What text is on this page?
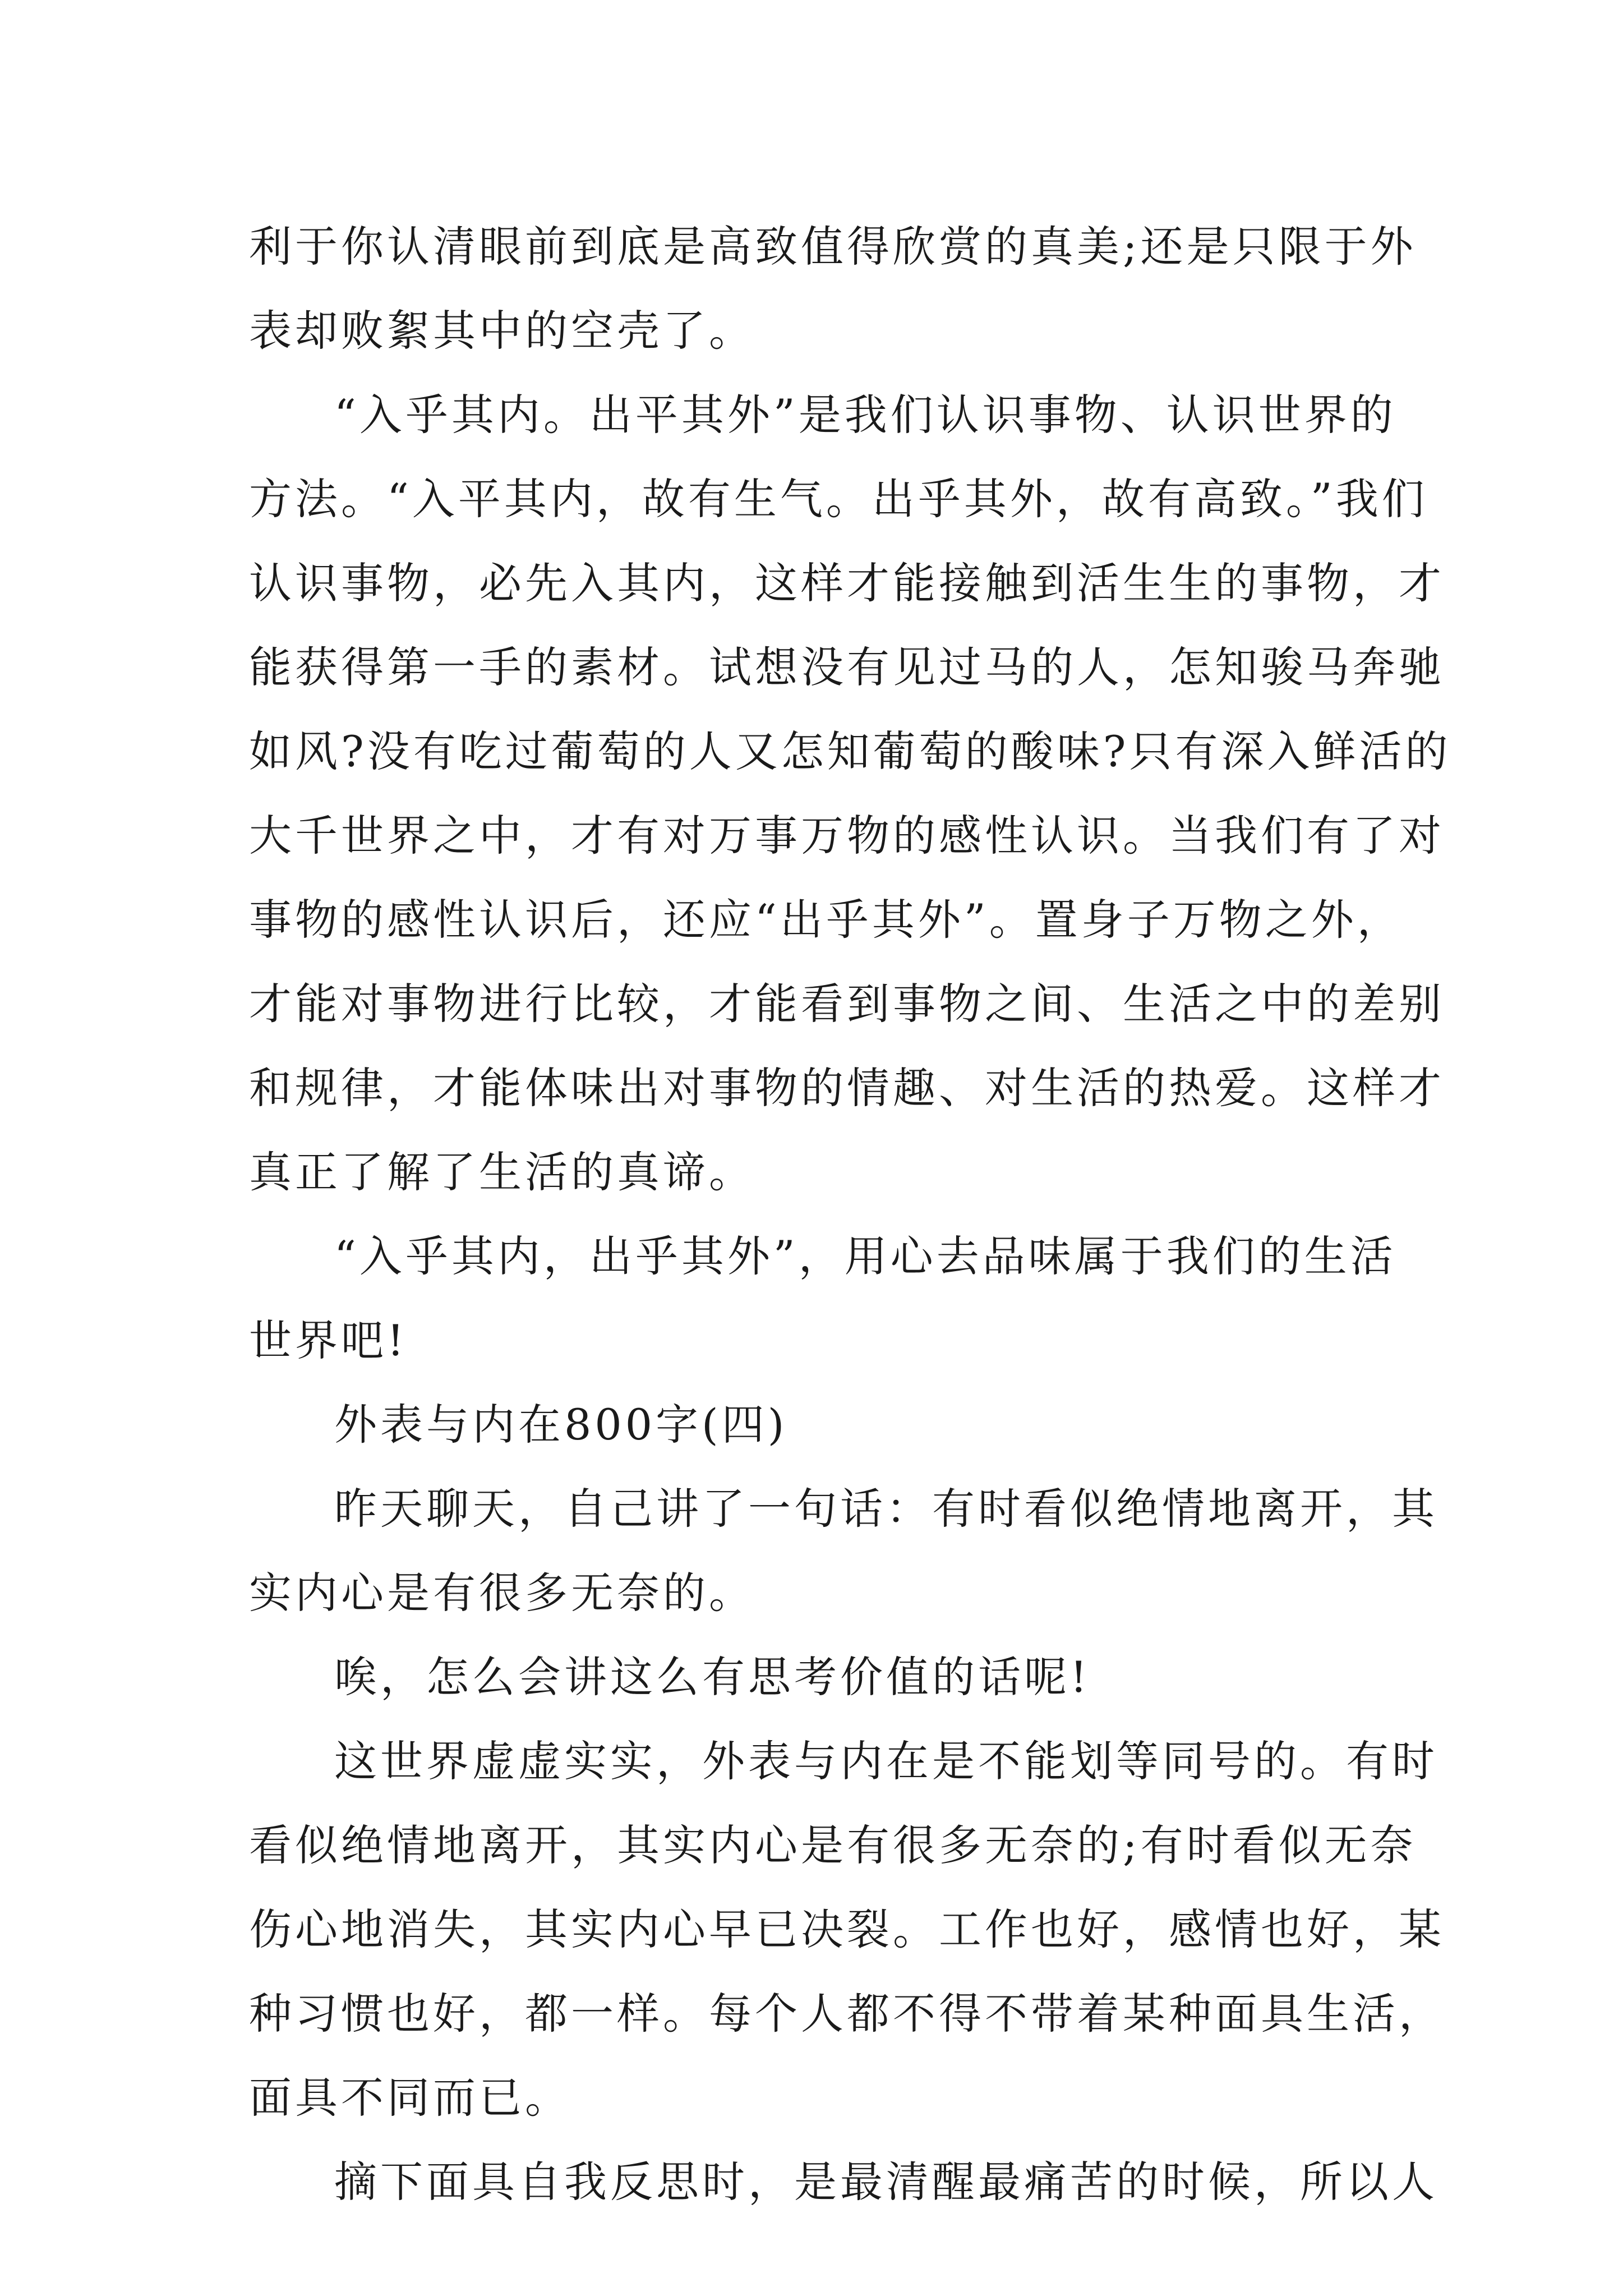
利于你认清眼前到底是高致值得欣赏的真美;还是只限于外
表却败絮其中的空壳了。
“入乎其内。出平其外”是我们认识事物、认识世界的
方法。“入平其内，故有生气。出乎其外，故有高致。”我们
认识事物，必先入其内，这样才能接触到活生生的事物，才
能获得第一手的素材。试想没有见过马的人，怎知骏马奔驰
如风?没有吃过葡萄的人又怎知葡萄的酸味?只有深入鲜活的
大千世界之中，才有对万事万物的感性认识。当我们有了对
事物的感性认识后，还应“出乎其外”。置身子万物之外，
才能对事物进行比较，才能看到事物之间、生活之中的差别
和规律，才能体味出对事物的情趣、对生活的热爱。这样才
真正了解了生活的真谛。
“入乎其内，出乎其外”，用心去品味属于我们的生活
世界吧!
外表与内在800字(四)
昨天聊天，自己讲了一句话：有时看似绝情地离开，其
实内心是有很多无奈的。
唉，怎么会讲这么有思考价值的话呢!
这世界虚虚实实，外表与内在是不能划等同号的。有时
看似绝情地离开，其实内心是有很多无奈的;有时看似无奈
伤心地消失，其实内心早已决裂。工作也好，感情也好，某
种习惯也好，都一样。每个人都不得不带着某种面具生活，
面具不同而已。
摘下面具自我反思时，是最清醒最痛苦的时候，所以人
